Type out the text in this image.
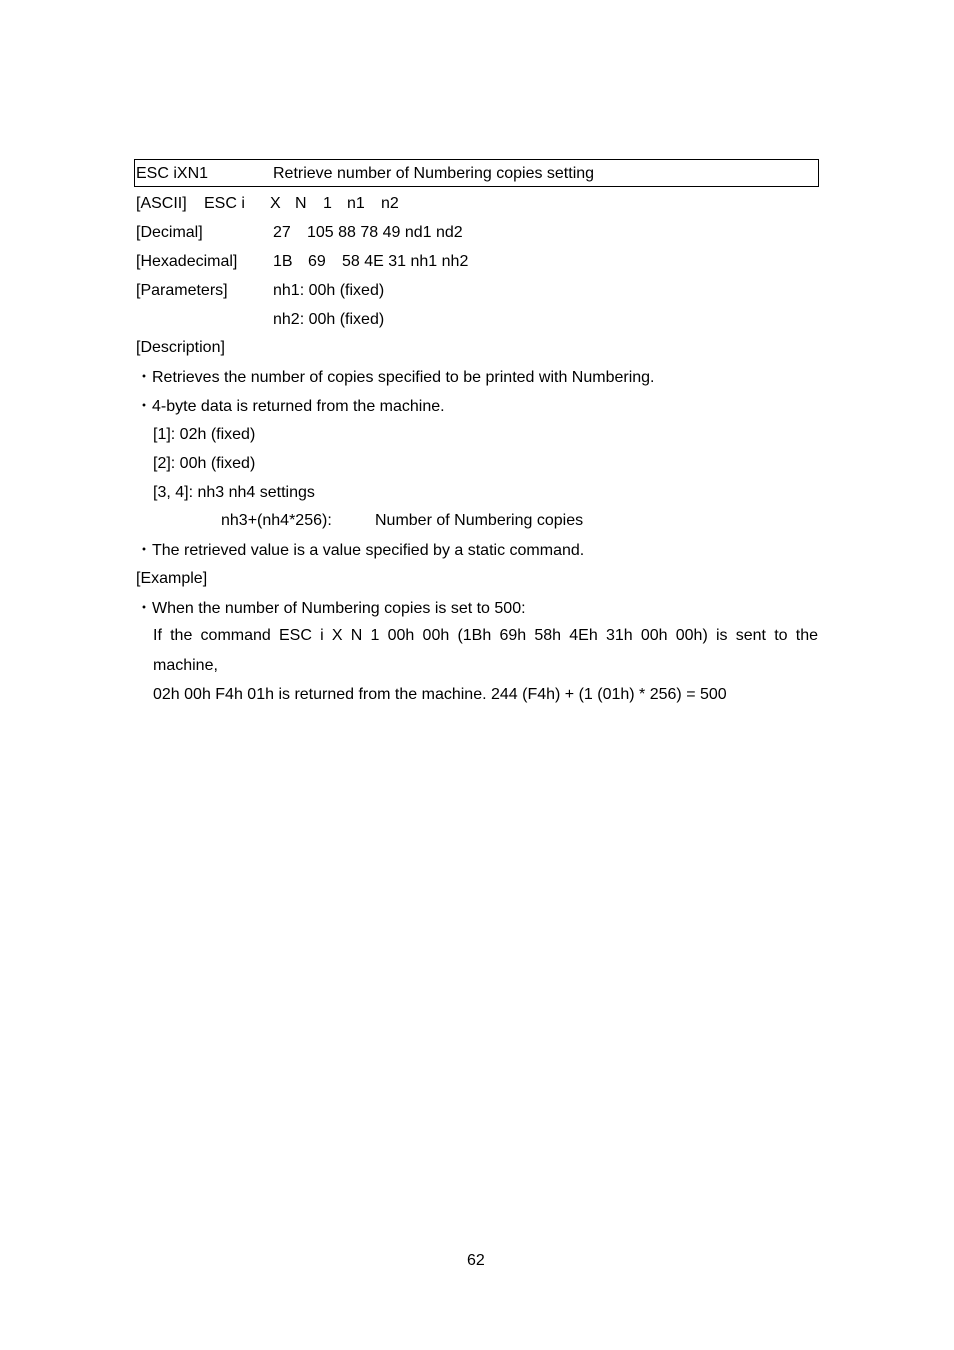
ESC iXN1	Retrieve number of Numbering copies setting
[ASCII] ESC i X N 1 n1 n2
[Decimal]	27 105 88 78 49 nd1 nd2
[Hexadecimal] 1B 69 58 4E 31 nh1 nh2
[Parameters]	nh1: 00h (fixed)
nh2: 00h (fixed)
[Description]
・Retrieves the number of copies specified to be printed with Numbering.
・4-byte data is returned from the machine.
[1]: 02h (fixed)
[2]: 00h (fixed)
[3, 4]: nh3 nh4 settings
nh3+(nh4*256):	Number of Numbering copies
・The retrieved value is a value specified by a static command.
[Example]
・When the number of Numbering copies is set to 500:
If the command ESC i X N 1 00h 00h (1Bh 69h 58h 4Eh 31h 00h 00h) is sent to the
machine,
02h 00h F4h 01h is returned from the machine. 244 (F4h) + (1 (01h) * 256) = 500
62
